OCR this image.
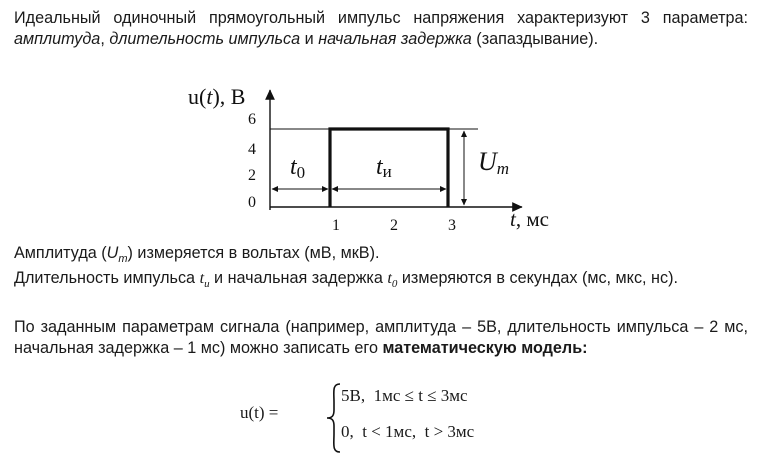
Идеальный одиночный прямоугольный импульс напряжения характеризуют 3 параметра: амплитуда, длительность импульса и начальная задержка (запаздывание).

u(t), В
6
4
2
0
t0	tи	Um
1	2	3	t, мс

Амплитуда $(U_m)$ измеряется в вольтах (мВ, мкВ).

Длительность импульса $t_и$ и начальная задержка $t_0$ измеряются в секундах (мс, мкс, нс).

По заданным параметрам сигнала (например, амплитуда – 5В, длительность импульса – 2 мс, начальная задержка – 1 мс) можно записать его математическую модель:

u(t) =
5В,  1мс ≤ t ≤ 3мс
0,  t < 1мс,  t > 3мс
